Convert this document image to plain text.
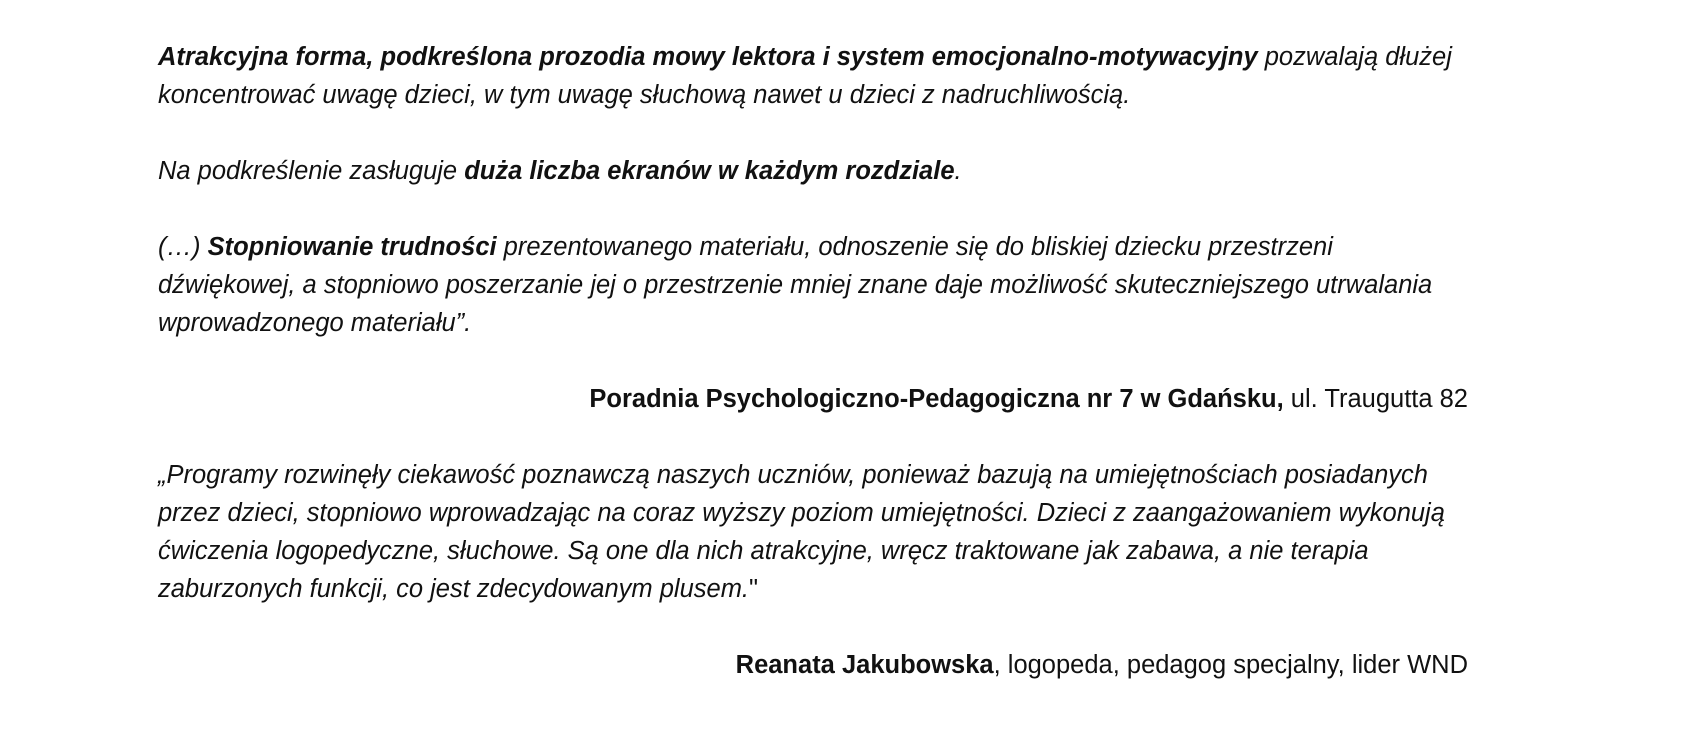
Atrakcyjna forma, podkreślona prozodia mowy lektora i system emocjonalno-motywacyjny pozwalają dłużej koncentrować uwagę dzieci, w tym uwagę słuchową nawet u dzieci z nadruchliwością.

Na podkreślenie zasługuje duża liczba ekranów w każdym rozdziale.

(…) Stopniowanie trudności prezentowanego materiału, odnoszenie się do bliskiej dziecku przestrzeni dźwiękowej, a stopniowo poszerzanie jej o przestrzenie mniej znane daje możliwość skuteczniejszego utrwalania wprowadzonego materiału”.

Poradnia Psychologiczno-Pedagogiczna nr 7 w Gdańsku, ul. Traugutta 82

„Programy rozwinęły ciekawość poznawczą naszych uczniów, ponieważ bazują na umiejętnościach posiadanych przez dzieci, stopniowo wprowadzając na coraz wyższy poziom umiejętności. Dzieci z zaangażowaniem wykonują ćwiczenia logopedyczne, słuchowe. Są one dla nich atrakcyjne, wręcz traktowane jak zabawa, a nie terapia zaburzonych funkcji, co jest zdecydowanym plusem."

Reanata Jakubowska, logopeda, pedagog specjalny, lider WND
